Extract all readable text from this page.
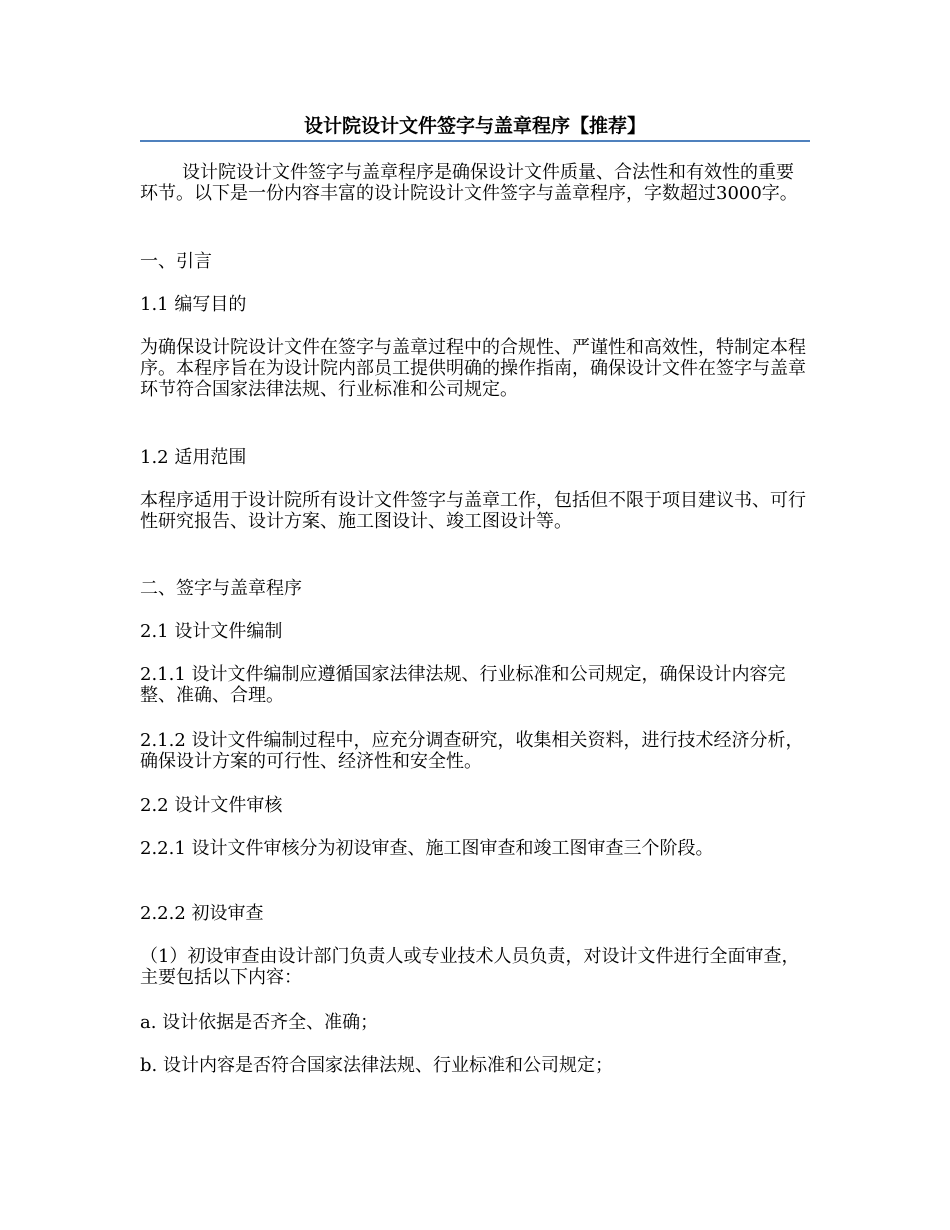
设计院设计文件签字与盖章程序【推荐】

设计院设计文件签字与盖章程序是确保设计文件质量、合法性和有效性的重要环节。以下是一份内容丰富的设计院设计文件签字与盖章程序，字数超过3000字。

一、引言

1.1 编写目的

为确保设计院设计文件在签字与盖章过程中的合规性、严谨性和高效性，特制定本程序。本程序旨在为设计院内部员工提供明确的操作指南，确保设计文件在签字与盖章环节符合国家法律法规、行业标准和公司规定。

1.2 适用范围

本程序适用于设计院所有设计文件签字与盖章工作，包括但不限于项目建议书、可行性研究报告、设计方案、施工图设计、竣工图设计等。

二、签字与盖章程序

2.1 设计文件编制

2.1.1 设计文件编制应遵循国家法律法规、行业标准和公司规定，确保设计内容完整、准确、合理。

2.1.2 设计文件编制过程中，应充分调查研究，收集相关资料，进行技术经济分析，确保设计方案的可行性、经济性和安全性。

2.2 设计文件审核

2.2.1 设计文件审核分为初设审查、施工图审查和竣工图审查三个阶段。

2.2.2 初设审查

（1）初设审查由设计部门负责人或专业技术人员负责，对设计文件进行全面审查，主要包括以下内容：

a. 设计依据是否齐全、准确；

b. 设计内容是否符合国家法律法规、行业标准和公司规定；
